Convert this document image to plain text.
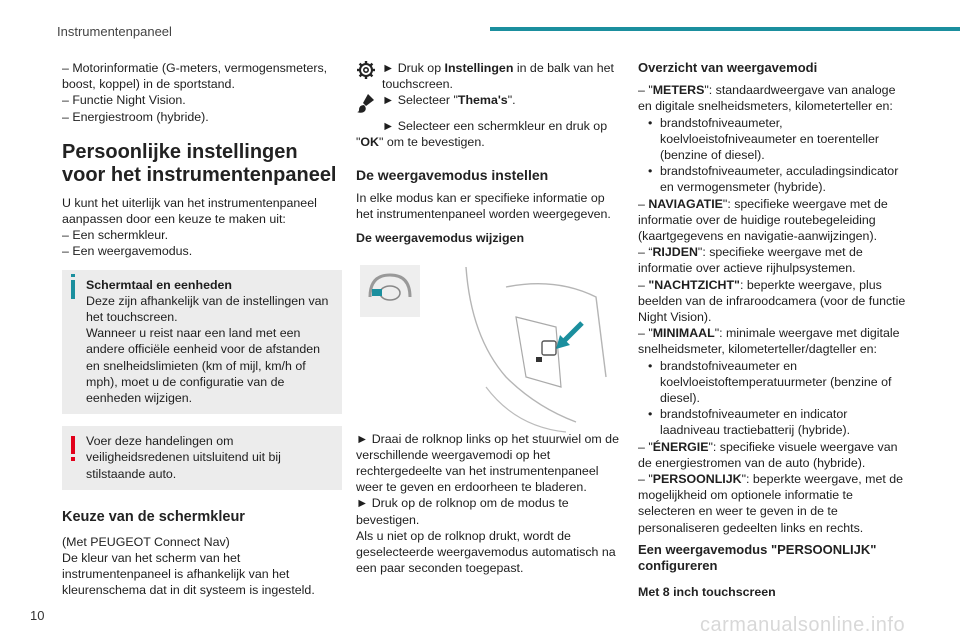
Instrumentenpaneel

– Motorinformatie (G-meters, vermogensmeters, boost, koppel) in de sportstand.

– Functie Night Vision.

– Energiestroom (hybride).

Persoonlijke instellingen voor het instrumentenpaneel

U kunt het uiterlijk van het instrumentenpaneel aanpassen door een keuze te maken uit:

– Een schermkleur.

– Een weergavemodus.

Schermtaal en eenheden

Deze zijn afhankelijk van de instellingen van het touchscreen.

Wanneer u reist naar een land met een andere officiële eenheid voor de afstanden en snelheidslimieten (km of mijl, km/h of mph), moet u de configuratie van de eenheden wijzigen.

Voer deze handelingen om veiligheidsredenen uitsluitend uit bij stilstaande auto.

Keuze van de schermkleur

(Met PEUGEOT Connect Nav)

De kleur van het scherm van het instrumentenpaneel is afhankelijk van het kleurenschema dat in dit systeem is ingesteld.

► Druk op Instellingen in de balk van het touchscreen.

► Selecteer "Thema's".

► Selecteer een schermkleur en druk op "OK" om te bevestigen.

De weergavemodus instellen

In elke modus kan er specifieke informatie op het instrumentenpaneel worden weergegeven.

De weergavemodus wijzigen

► Draai de rolknop links op het stuurwiel om de verschillende weergavemodi op het rechtergedeelte van het instrumentenpaneel weer te geven en erdoorheen te bladeren.

► Druk op de rolknop om de modus te bevestigen.

Als u niet op de rolknop drukt, wordt de geselecteerde weergavemodus automatisch na een paar seconden toegepast.

Overzicht van weergavemodi

– "METERS": standaardweergave van analoge en digitale snelheidsmeters, kilometerteller en:

• brandstofniveaumeter, koelvloeistofniveaumeter en toerenteller (benzine of diesel).

• brandstofniveaumeter, acculadingsindicator en vermogensmeter (hybride).

– NAVIAGATIE": specifieke weergave met de informatie over de huidige routebegeleiding (kaartgegevens en navigatie-aanwijzingen).

– “RIJDEN": specifieke weergave met de informatie over actieve rijhulpsystemen.

– "NACHTZICHT": beperkte weergave, plus beelden van de infraroodcamera (voor de functie Night Vision).

– "MINIMAAL": minimale weergave met digitale snelheidsmeter, kilometerteller/dagteller en:

• brandstofniveaumeter en koelvloeistoftemperatuurmeter (benzine of diesel).

• brandstofniveaumeter en indicator laadniveau tractiebatterij (hybride).

– "ÉNERGIE": specifieke visuele weergave van de energiestromen van de auto (hybride).

– "PERSOONLIJK": beperkte weergave, met de mogelijkheid om optionele informatie te selecteren en weer te geven in de te personaliseren gedeelten links en rechts.

Een weergavemodus "PERSOONLIJK" configureren
Met 8 inch touchscreen
10	carmanualsonline.info
